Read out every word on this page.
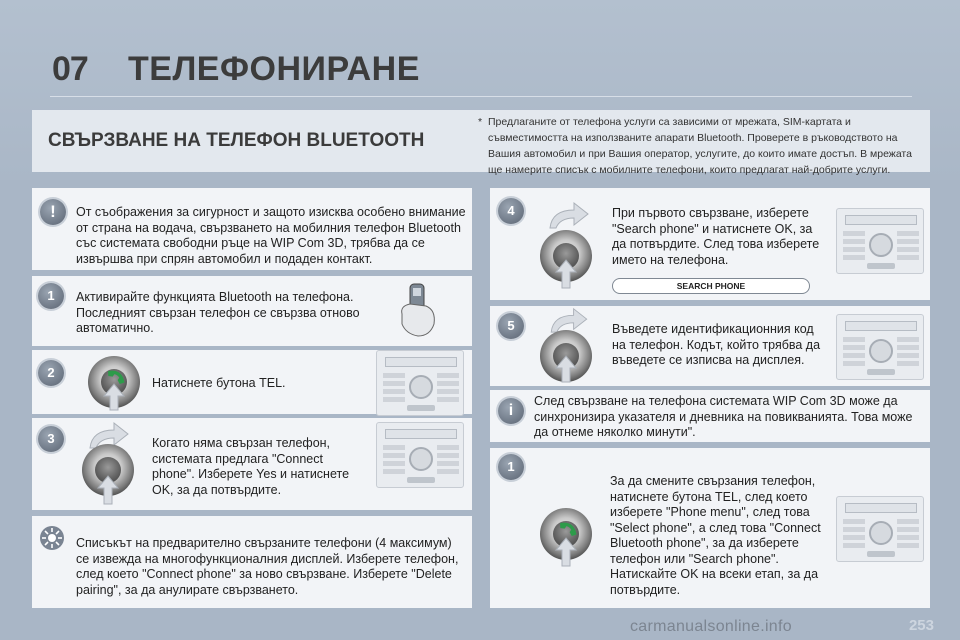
07 ТЕЛЕФОНИРАНЕ
СВЪРЗВАНЕ НА ТЕЛЕФОН BLUETOOTH
* Предлаганите от телефона услуги са зависими от мрежата, SIM-картата и съвместимостта на използваните апарати Bluetooth. Проверете в ръководството на Вашия автомобил и при Вашия оператор, услугите, до които имате достъп. В мрежата ще намерите списък с мобилните телефони, които предлагат най-добрите услуги.
!	От съображения за сигурност и защото изисква особено внимание от страна на водача, свързването на мобилния телефон Bluetooth със системата свободни ръце на WIP Com 3D, трябва да се извършва при спрян автомобил и подаден контакт.
1	Активирайте функцията Bluetooth на телефона. Последният свързан телефон се свързва отново автоматично.
2
Натиснете бутона TEL.
3	Когато няма свързан телефон, системата предлага "Connect phone". Изберете Yes и натиснете OK, за да потвърдите.
Списъкът на предварително свързаните телефони (4 максимум) се извежда на многофункционалния дисплей. Изберете телефон, след което "Connect phone" за ново свързване. Изберете "Delete pairing", за да анулирате свързването.
4	При първото свързване, изберете "Search phone" и натиснете OK, за да потвърдите. След това изберете името на телефона.
SEARCH PHONE
5	Въведете идентификационния код на телефон. Кодът, който трябва да въведете се изписва на дисплея.
i
След свързване на телефона системата WIP Com 3D може да синхронизира указателя и дневника на повикванията. Това може да отнеме няколко минути".
1
За да смените свързания телефон, натиснете бутона TEL, след което изберете "Phone menu", след това "Select phone", а след това "Connect Bluetooth phone", за да изберете телефон или "Search phone". Натискайте OK на всеки етап, за да потвърдите.
carmanualsonline.info	253
